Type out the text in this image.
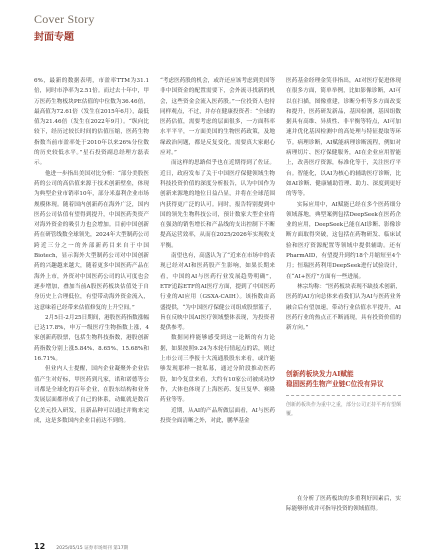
Cover Story
封面专题

6%，最新的数据表明，市盈率TTM为31.1倍，同时市净率为2.51倍。而过去十年中，甲万医药生物板块PE估值的中位数为36.46倍，最高值为72.61倍（发生在2015年6月），最低值为21.46倍（发生在2022年9月）。“纵向比较下，经历过较长时间的估值压缩，医药生物指数当前市盈率处于2010年以来26%分位数的历史较低水平。”星石投资副总经理方磊表示。

他进一步指出美国对比分析：“部分美股医药的公司的高估值来源于技术创新壁垒，体现为典型企业市销率10年，部分米嘉利企业市场规模体现。随着国内创新药在海外广泛，国内医药公司估值有望得到提升，中国医药类资产对海外资金的吸引力也会增加。目前中国创新药在研管线数全球领先，2024年大型制药公司跨近三分之一的外部新药目来自于中国Biotech，显示海外大型制药公司对中国创新药的兴趣越来越大，随着更多中国医药产品在海外上市，外资对中国医药公司的认可度也会逐步增加，叠加当前A股医药板块估值处于自身历史上合理低位，有望带动海外资金流入，这意味着已经带来估值修复的上升空间。”

2月5日-2月25日期间，港股医药指数涨幅已达17.8%，申万一级医疗生物指数上涨，4家创新药股票，包括生物科技指数，港股创新药指数分别上涨5.84%、8.65%、15.68%和16.71%。

但业内人士提醒，国内企业凝聚外企业估值产生对好标，甲医药到凡家，诺和诺德等公司都是全球化的百年企业，在股东结构和业务发展层面都形成了自己的体系，动辄就是数百亿美元投入研发，且新品种可以通过并购来完成，这是多数国内企业目前达不到的。

“考虑医药股的机会，或许还应该考虑到美国等非中国资金的配置需要下，会外流寻找新的机会，这些资金会流入医药股。”一位投资人也持同样观点，不过，并存在健康投资者：“全球的医药估值，需要考虑的层面很多，一方面科率水平平平，一方面美国的生物医药政策，及地缘政治问题，都是反复变化，需要真大家耐心应对。”

而这样的思路似乎也在近期得到了佐证。近日，政府发布了关于中国医疗保健领域生物科技投资价值的深度分析报告，认为中国作为创新来源地的地位日益凸显，并将在全球范围内获得更广泛的认可。同时，报告特别提到中国的领先生物科技公司，预计数家大型企业将在强劲的销售增长和产品线的支出控制下不断提高运营效率，从而在2025/2026年实现收支平衡。

南望也有，高盛认为了“近来在市场中的表现已经对AI和医药股产生影响，如果长期来看，中国的AI与医药行业发展趋势明确”，ETF追踪ETF的AI医疗方面，提到了中国医药行业的AI应用（GSXA-CAIH）。该指数由高盛提供，“为中国医疗保健公司组成股票篮子，旨在反映中国AI医疗领域整体表现，为投资者提供参考。

数据同样能够感受到这一论断的有力论据，如果按照9.24为本轮行情起点的话，则过上市公司三季报十大流通股股东来看，或许能够发现那样一批私募，通过分阶段推动医药股，如今复盘来看，大约有10家公司被成功炒作，大体也体现了上海医药、复旦复华、赛隆药业等等。

近期，从AI的产品所做层面看，AI与医药投资全面清晰之外，对此，鹏华基金

医药基金经理金笑非指出，AI对医疗促进体现在很多方面，简单举例，比如影像诊断，AI可以在扫描，图像重建，诊断分析等多方面改变和提升，医药研发新品，基因检测，基因组数据具有高维、异质性、非平衡等特点，AI可加速并优化基因检测中的高处理与特征提取等环节。病理诊断，AI赋能病理诊断流程，例如对病理切片、医疗保健服务，AI在企业应用智能上，改善医疗资源，标准化等于，关注医疗平台。智能化，以AI为核心的辅助医疗诊断，比如AI诊断、健康辅助管理、助力、深度到更好的等等。

实际应用中，AI赋能已经在多个医药细分领域落地，典型案例包括DeepSeek在医药企业的应用，DeepSeek已能在AI诊断、影像诊断方面取得突破，这包括在药物研发、临床试验和医疗资源配置等领域中提供辅助。还有PharmAID，有望提升到约18个月缩短至4个月；恒瑞医药利用DeepSeek进行试验设计，在“AI+医疗”方面有一些进展。

林宗均称：“医药板块表现不缺技术创新，医药的AI方向总体来看我们认为AI与医药业务融合后有望加速，带动行业估值水平提升，AI医药行业的热点正不断涌现，具有投资价值的新方向。”

创新药板块发力AI赋能
稳固医药生物产业链C位没有异议
创新药板块作为重中之重，部分公司正持平再有望颠覆。

在分析了医药板块的多重利好因素后，实际能够形成并可指导投资的领域值得。

12 2025/05/15 证券市场周刊 第17期
